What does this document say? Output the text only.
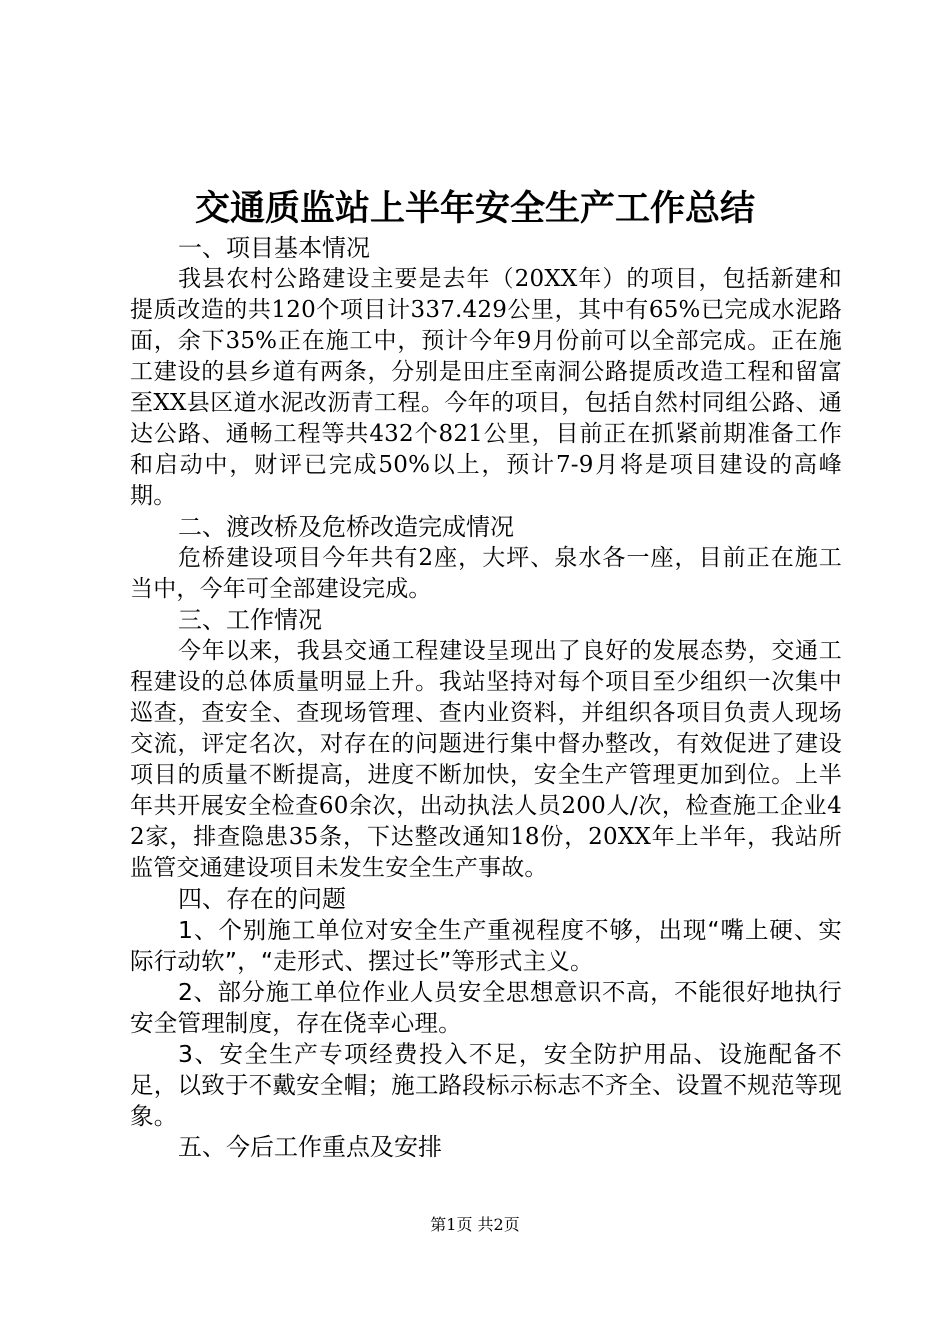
交通质监站上半年安全生产工作总结
一、项目基本情况

我县农村公路建设主要是去年（20XX年）的项目，包括新建和提质改造的共120个项目计337.429公里，其中有65%已完成水泥路面，余下35%正在施工中，预计今年9月份前可以全部完成。正在施工建设的县乡道有两条，分别是田庄至南洞公路提质改造工程和留富至XX县区道水泥改沥青工程。今年的项目，包括自然村同组公路、通达公路、通畅工程等共432个821公里，目前正在抓紧前期准备工作和启动中，财评已完成50%以上，预计7-9月将是项目建设的高峰期。

二、渡改桥及危桥改造完成情况

危桥建设项目今年共有2座，大坪、泉水各一座，目前正在施工当中，今年可全部建设完成。

三、工作情况

今年以来，我县交通工程建设呈现出了良好的发展态势，交通工程建设的总体质量明显上升。我站坚持对每个项目至少组织一次集中巡查，查安全、查现场管理、查内业资料，并组织各项目负责人现场交流，评定名次，对存在的问题进行集中督办整改，有效促进了建设项目的质量不断提高，进度不断加快，安全生产管理更加到位。上半年共开展安全检查60余次，出动执法人员200人/次，检查施工企业42家，排查隐患35条，下达整改通知18份，20XX年上半年，我站所监管交通建设项目未发生安全生产事故。

四、存在的问题

1、个别施工单位对安全生产重视程度不够，出现“嘴上硬、实际行动软”，“走形式、摆过长”等形式主义。

2、部分施工单位作业人员安全思想意识不高，不能很好地执行安全管理制度，存在侥幸心理。

3、安全生产专项经费投入不足，安全防护用品、设施配备不足，以致于不戴安全帽；施工路段标示标志不齐全、设置不规范等现象。

五、今后工作重点及安排
第1页 共2页
